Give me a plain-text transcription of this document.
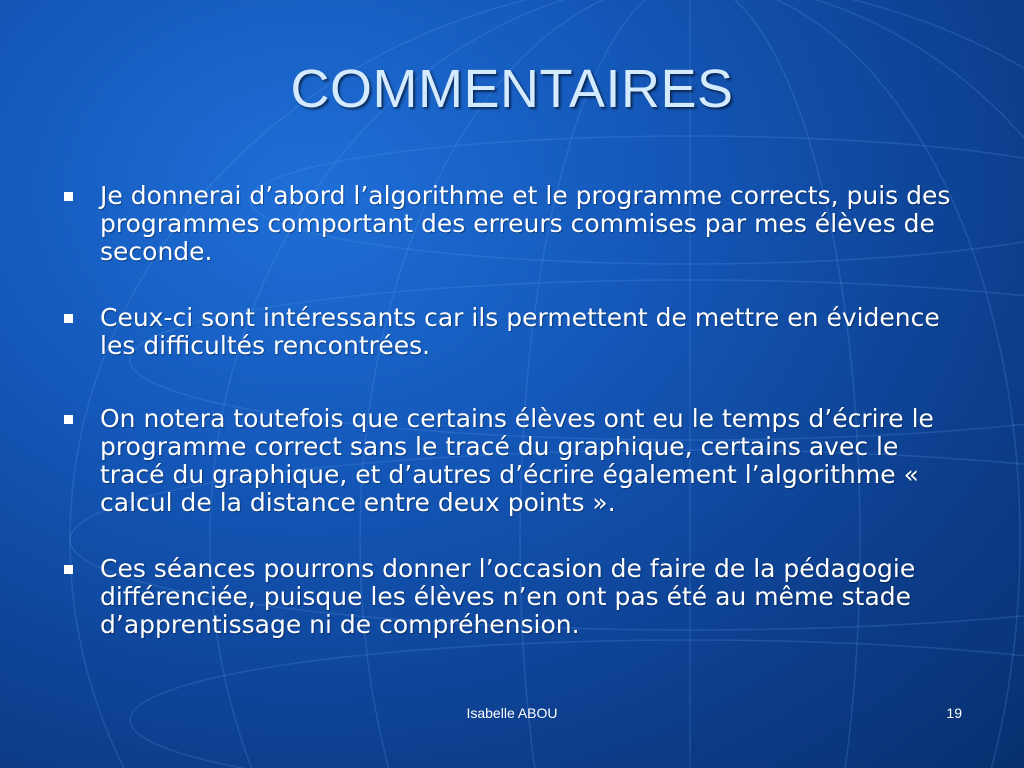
COMMENTAIRES
Je donnerai d’abord l’algorithme et le programme corrects, puis des programmes comportant des erreurs commises par mes élèves de seconde.
Ceux-ci sont intéressants car ils permettent de mettre en évidence les difficultés rencontrées.
On notera toutefois que certains élèves ont eu le temps d’écrire le programme correct sans le tracé du graphique, certains avec le tracé du graphique, et d’autres d’écrire également l’algorithme « calcul de la distance entre deux points ».
Ces séances pourrons donner l’occasion de faire de la pédagogie différenciée, puisque les élèves n’en ont pas été au même stade d’apprentissage ni de compréhension.
Isabelle ABOU	19
